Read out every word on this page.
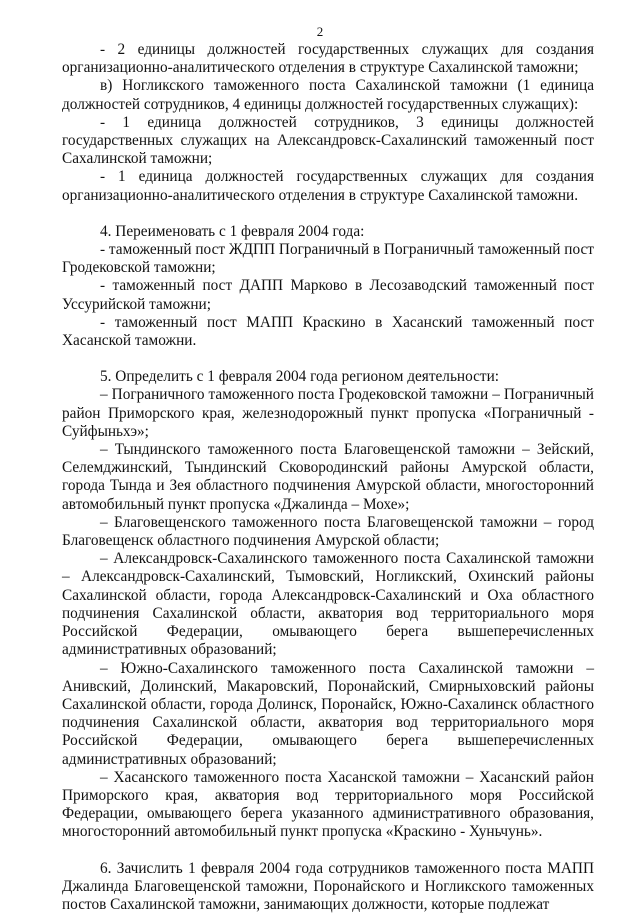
2

- 2 единицы должностей государственных служащих для создания организационно-аналитического отделения в структуре Сахалинской таможни;

в) Ногликского таможенного поста Сахалинской таможни (1 единица должностей сотрудников, 4 единицы должностей государственных служащих):

- 1 единица должностей сотрудников, 3 единицы должностей государственных служащих на Александровск-Сахалинский таможенный пост Сахалинской таможни;

- 1 единица должностей государственных служащих для создания организационно-аналитического отделения в структуре Сахалинской таможни.

4. Переименовать с 1 февраля 2004 года:

- таможенный пост ЖДПП Пограничный в Пограничный таможенный пост Гродековской таможни;

- таможенный пост ДАПП Марково в Лесозаводский таможенный пост Уссурийской таможни;

- таможенный пост МАПП Краскино в Хасанский таможенный пост Хасанской таможни.

5. Определить с 1 февраля 2004 года регионом деятельности:

– Пограничного таможенного поста Гродековской таможни – Пограничный район Приморского края, железнодорожный пункт пропуска «Пограничный - Суйфыньхэ»;

– Тындинского таможенного поста Благовещенской таможни – Зейский, Селемджинский, Тындинский Сковородинский районы Амурской области, города Тында и Зея областного подчинения Амурской области, многосторонний автомобильный пункт пропуска «Джалинда – Мохе»;

– Благовещенского таможенного поста Благовещенской таможни – город Благовещенск областного подчинения Амурской области;

– Александровск-Сахалинского таможенного поста Сахалинской таможни – Александровск-Сахалинский, Тымовский, Ногликский, Охинский районы Сахалинской области, города Александровск-Сахалинский и Оха областного подчинения Сахалинской области, акватория вод территориального моря Российской Федерации, омывающего берега вышеперечисленных административных образований;

– Южно-Сахалинского таможенного поста Сахалинской таможни – Анивский, Долинский, Макаровский, Поронайский, Смирныховский районы Сахалинской области, города Долинск, Поронайск, Южно-Сахалинск областного подчинения Сахалинской области, акватория вод территориального моря Российской Федерации, омывающего берега вышеперечисленных административных образований;

– Хасанского таможенного поста Хасанской таможни – Хасанский район Приморского края, акватория вод территориального моря Российской Федерации, омывающего берега указанного административного образования, многосторонний автомобильный пункт пропуска «Краскино - Хуньчунь».

6. Зачислить 1 февраля 2004 года сотрудников таможенного поста МАПП Джалинда Благовещенской таможни, Поронайского и Ногликского таможенных постов Сахалинской таможни, занимающих должности, которые подлежат
